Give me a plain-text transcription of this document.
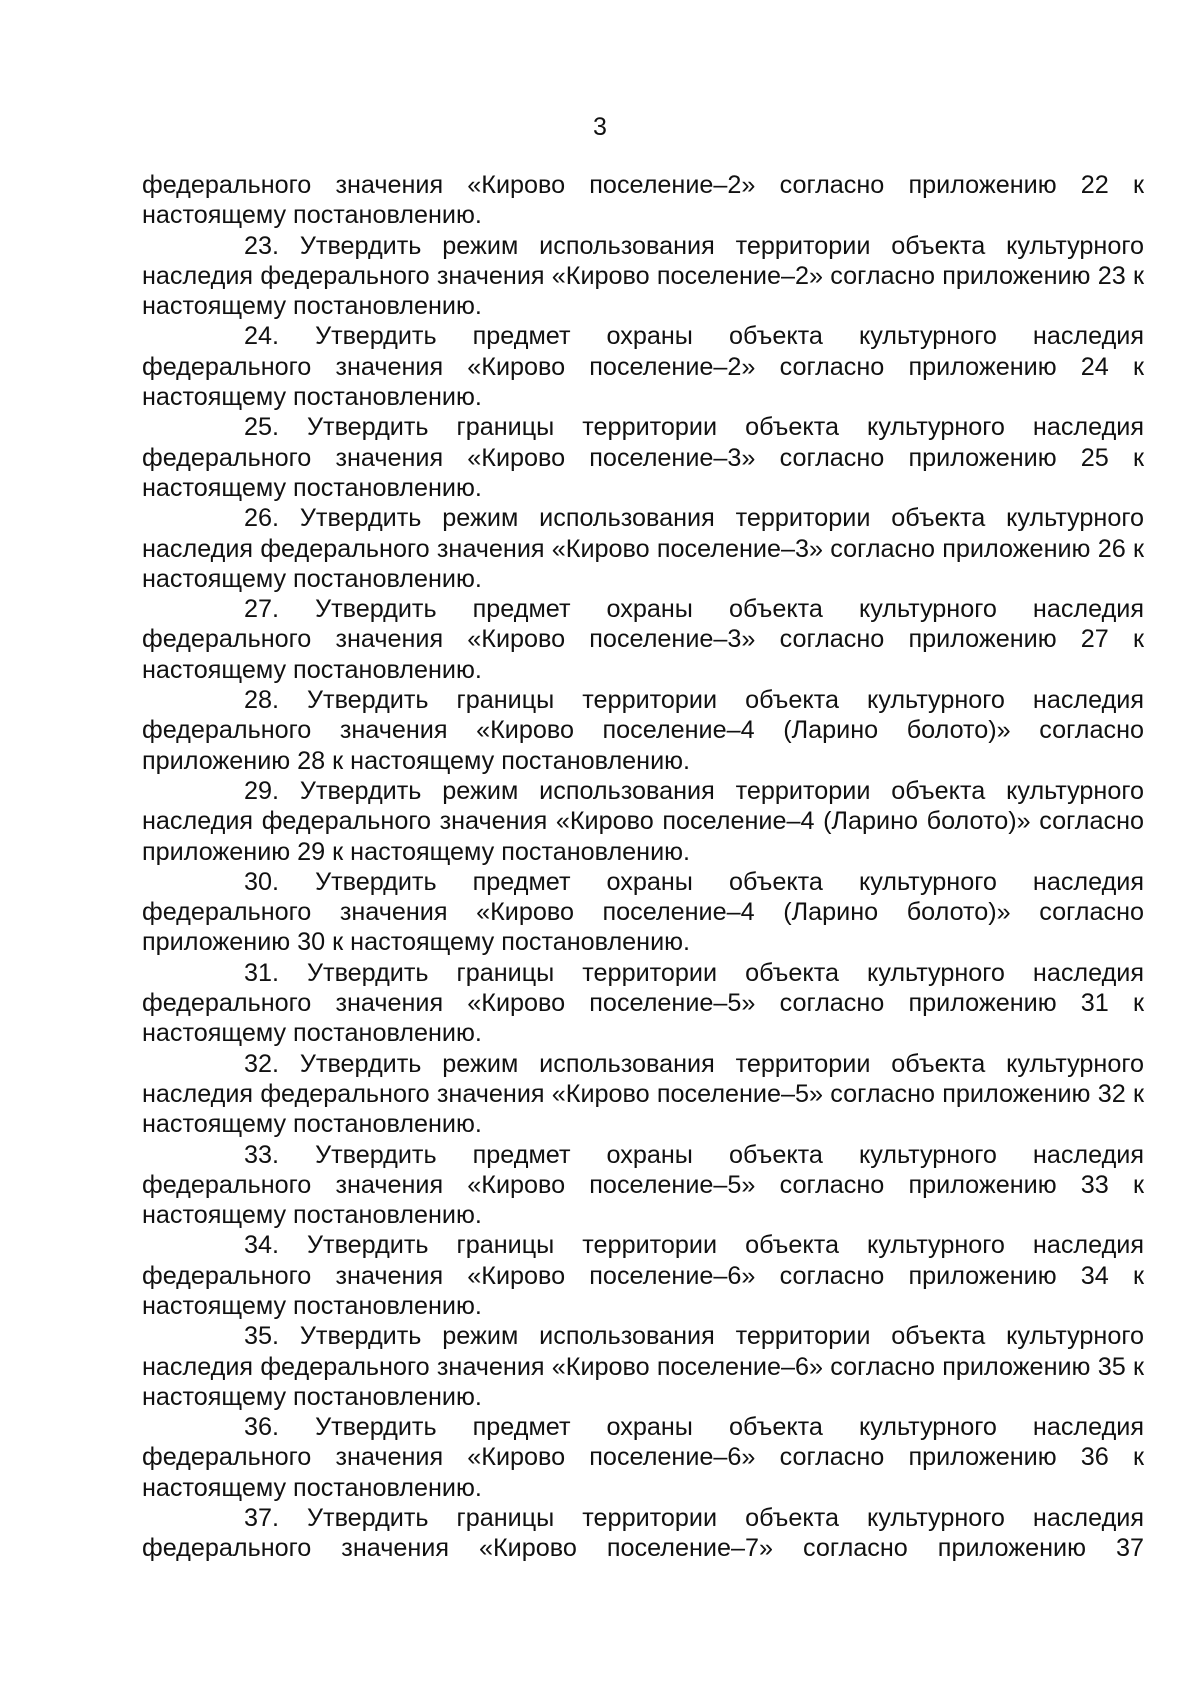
3

федерального значения «Кирово поселение–2» согласно приложению 22 к настоящему постановлению.

23. Утвердить режим использования территории объекта культурного наследия федерального значения «Кирово поселение–2» согласно приложению 23 к настоящему постановлению.

24. Утвердить предмет охраны объекта культурного наследия федерального значения «Кирово поселение–2» согласно приложению 24 к настоящему постановлению.

25. Утвердить границы территории объекта культурного наследия федерального значения «Кирово поселение–3» согласно приложению 25 к настоящему постановлению.

26. Утвердить режим использования территории объекта культурного наследия федерального значения «Кирово поселение–3» согласно приложению 26 к настоящему постановлению.

27. Утвердить предмет охраны объекта культурного наследия федерального значения «Кирово поселение–3» согласно приложению 27 к настоящему постановлению.

28. Утвердить границы территории объекта культурного наследия федерального значения «Кирово поселение–4 (Ларино болото)» согласно приложению 28 к настоящему постановлению.

29. Утвердить режим использования территории объекта культурного наследия федерального значения «Кирово поселение–4 (Ларино болото)» согласно приложению 29 к настоящему постановлению.

30. Утвердить предмет охраны объекта культурного наследия федерального значения «Кирово поселение–4 (Ларино болото)» согласно приложению 30 к настоящему постановлению.

31. Утвердить границы территории объекта культурного наследия федерального значения «Кирово поселение–5» согласно приложению 31 к настоящему постановлению.

32. Утвердить режим использования территории объекта культурного наследия федерального значения «Кирово поселение–5» согласно приложению 32 к настоящему постановлению.

33. Утвердить предмет охраны объекта культурного наследия федерального значения «Кирово поселение–5» согласно приложению 33 к настоящему постановлению.

34. Утвердить границы территории объекта культурного наследия федерального значения «Кирово поселение–6» согласно приложению 34 к настоящему постановлению.

35. Утвердить режим использования территории объекта культурного наследия федерального значения «Кирово поселение–6» согласно приложению 35 к настоящему постановлению.

36. Утвердить предмет охраны объекта культурного наследия федерального значения «Кирово поселение–6» согласно приложению 36 к настоящему постановлению.

37. Утвердить границы территории объекта культурного наследия федерального значения «Кирово поселение–7» согласно приложению 37
